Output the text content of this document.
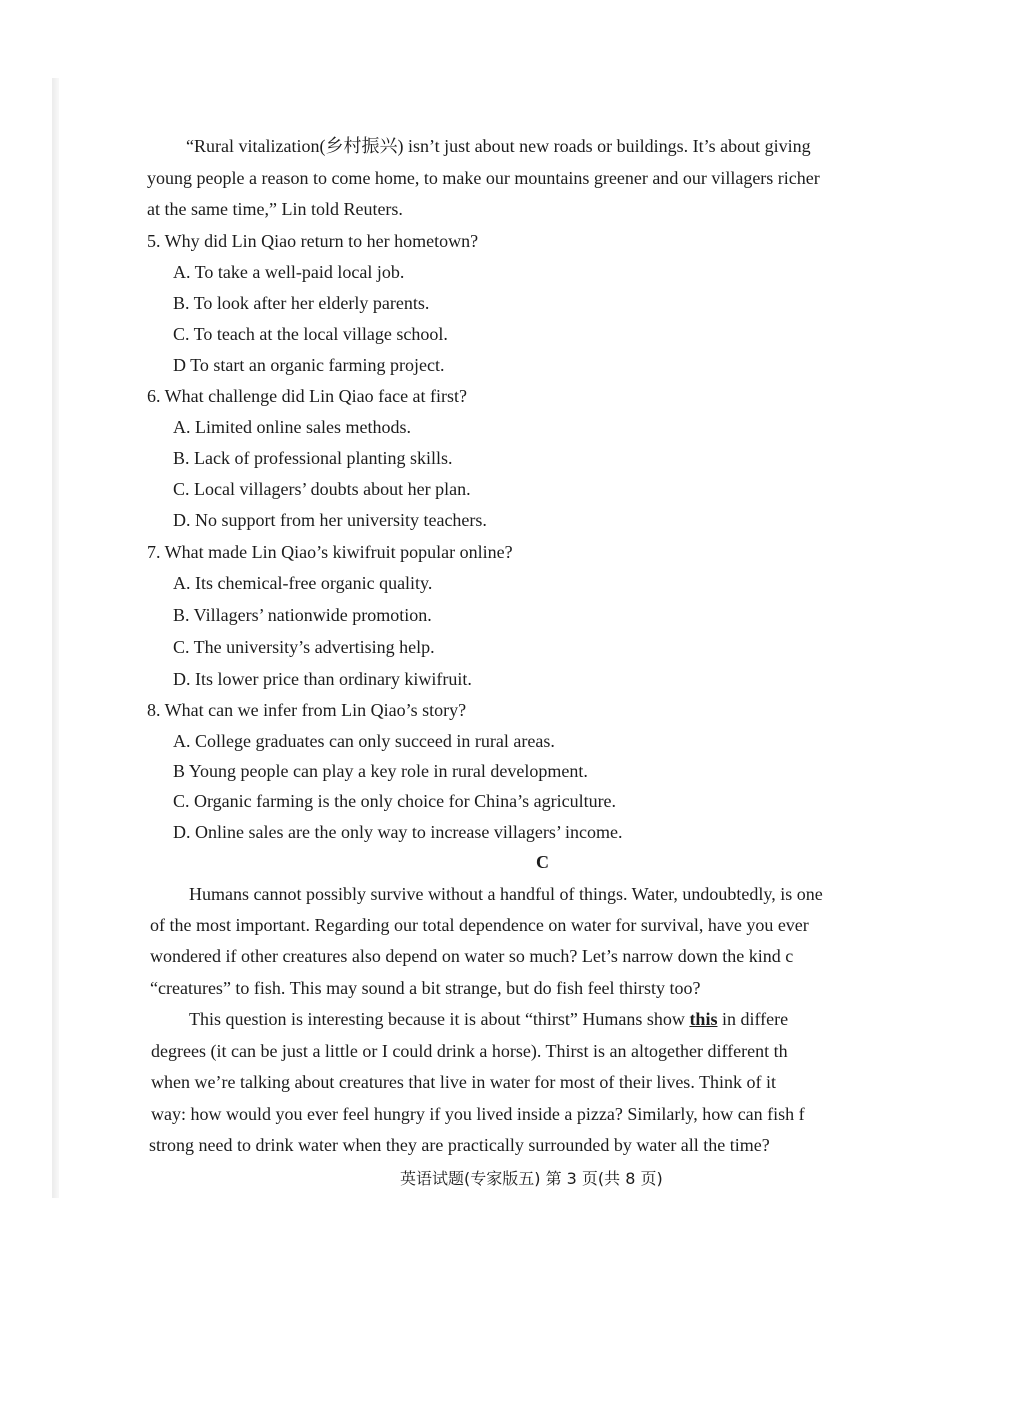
“Rural vitalization(乡村振兴) isn’t just about new roads or buildings. It’s about giving
young people a reason to come home, to make our mountains greener and our villagers richer
at the same time,” Lin told Reuters.
5. Why did Lin Qiao return to her hometown?
A. To take a well-paid local job.
B. To look after her elderly parents.
C. To teach at the local village school.
D To start an organic farming project.
6. What challenge did Lin Qiao face at first?
A. Limited online sales methods.
B. Lack of professional planting skills.
C. Local villagers’ doubts about her plan.
D. No support from her university teachers.
7. What made Lin Qiao’s kiwifruit popular online?
A. Its chemical-free organic quality.
B. Villagers’ nationwide promotion.
C. The university’s advertising help.
D. Its lower price than ordinary kiwifruit.
8. What can we infer from Lin Qiao’s story?
A. College graduates can only succeed in rural areas.
B Young people can play a key role in rural development.
C. Organic farming is the only choice for China’s agriculture.
D. Online sales are the only way to increase villagers’ income.
C
Humans cannot possibly survive without a handful of things. Water, undoubtedly, is one
of the most important. Regarding our total dependence on water for survival, have you ever
wondered if other creatures also depend on water so much? Let’s narrow down the kind c
“creatures” to fish. This may sound a bit strange, but do fish feel thirsty too?
This question is interesting because it is about “thirst” Humans show this in differe
degrees (it can be just a little or I could drink a horse). Thirst is an altogether different th
when we’re talking about creatures that live in water for most of their lives. Think of it
way: how would you ever feel hungry if you lived inside a pizza? Similarly, how can fish f
strong need to drink water when they are practically surrounded by water all the time?
英语试题(专家版五) 第 3 页(共 8 页)
